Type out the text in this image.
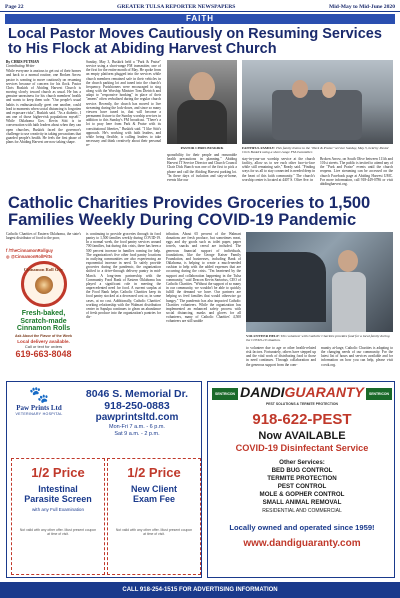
Page 22	GREATER TULSA REPORTER NEWSPAPERS	Mid-May to Mid-June 2020
FAITH
Local Pastor Moves Cautiously on Resuming Services to His Flock at Abiding Harvest Church
By CHRIS PUTMAN
Contributing Writer
While everyone is anxious to get out of their homes and back to a normal routine, one Broken Arrow pastor is wanting to move cautiously on resuming services because of concern for his flock. Pastor Chris Buskirk of Abiding Harvest Church is moving slowly toward church as usual. He has a genuine uneasiness for his church members' health and wants to keep them safe. "Our people's usual habits is enthusiastically greet one another, could lead to moments when social distancing is forgotten and exposure risks", Buskirk said. "As a diabetic, I am one of those higher-risk populations myself." While Oklahoma Gov. Kevin Stitt is in conversation with faith leaders about when they can open churches, Buskirk faced the governor's challenge to use creativity in taking precautions that guarded people's health. He feels the first phase of plans for Abiding Harvest are now taking shape.
Sunday, May 3, Buskirk held a "Park & Praise" service using a short-range FM transmitter, one of the first for the entire month of May. He spoke from an empty platform plugged into the services while church members remained safe in their vehicles in the church parking lot and tuned into the church's frequency. Parishioners were encouraged to sing along with the Worship Minister Tom Dietrich and adapt to "responsive honking" in place of their "amens" often verbalized during the regular church service. Recently, the church has moved to live streaming during the lock-down, and since so many viewers have tuned in, that will become a permanent fixture to the Sunday worship services in addition to this Sunday's FM broadcast. "There's a lot to pray here from Park & Praise with its constitutional liberties," Buskirk said. "I like Stitt's approach. He's working with faith leaders, and while being flexible, is calling leaders to take necessary and think creatively about their personal re-
PASTOR CHRIS BUSKIRK
sponsibility for their people and reasonable health precautions in planning." Abiding Harvest IT Service Director and Church Council Chair Dick Bunch was one of the first to pick a phone and call the Abiding Harvest parking lot. "In these days of isolation and stay-at-home, events like our
FAITHFUL FAMILY: This family listens to the "Park & Praise" service Sunday, May 3, held by Pastor Chris Buskirk using a short-range FM transmitter.
stay-in-your-car worship service at the church facility, allow us to see each other face-to-face while still remaining safe," Ready said. "Finding ways for us all to stay connected is needed deep in the heart of this faith community." The church's worship center is located at 4407 S. Olive Ave. in
Broken Arrow, on South Olive between 111th and 101st streets. The public is invited to attend any of the "Park and Praise" events until the church reopens. Live streaming can be accessed on the church Facebook page at Abiding Harvest UMC. For more information, call 918-449-0786 or visit abidingharvest.org.
Catholic Charities Provides Groceries to 1,500 Families Weekly During COVID-19 Pandemic
Catholic Charities of Eastern Oklahoma, the state's largest distributor of food to the poor,
f /TheCinnamonRollguy
◎ @CinnamonRollPitts
Cinnamon Roll Guy
Fresh-baked,
Scratch-made
Cinnamon Rolls
Ask About the Flavor of the Week
Local delivery available.
Call or text for orders
619-663-8048
is continuing to provide groceries through its food pantry to 1,500 families weekly during COVID-19. In a normal week, the food pantry services around 700 families, but during this crisis, there has been a 500 percent increase in families coming for help. The organization's five other food pantry locations in outlying communities are also experiencing an exponential increase in need. To safely provide groceries during the pandemic, the organization shifted to a drive-through delivery pantry in mid-March. A long-term partnership with the Community Food Bank of Eastern Oklahoma has played a significant role in meeting the unprecedented need for food. A current surplus at the Food Bank helps Catholic Charities keep its food pantry stocked at a decreased cost or, in some cases, at no cost. Additionally, Catholic Charities' working relationship with the Walmart distribution center in Sapulpa continues to glean an abundance of fresh produce into the organization's pantries for dis-
tribution. About 65 percent of the Walmart donations are fresh produce, but sometimes meat, eggs and dry goods such as toilet paper, paper towels, snacks and cereal are included. The generous financial support of individuals, foundations, like the George Kaiser Family Foundation, and businesses, including Bank of Oklahoma, is helping to create a much-needed cushion to help with the added expenses that are occurring during the crisis. "I'm heartened by the support and collaboration happening in the Tulsa community," said Deacon Kevin Sartorius, CEO of Catholic Charities. "Without the support of so many in our community, we wouldn't be able to quickly fulfill the demand we have. Our partners are helping us feed families that would otherwise go hungry." The pandemic has also impacted Catholic Charities volunteers. While the organization has implemented an enhanced safety process with social distancing, masks and gloves for all volunteers, many of Catholic Charities' 4,500 volunteers are still unable
VOLUNTEER HELP: This volunteer with Catholic Charities provides food for a local family during the COVID-19 situation.
to volunteer due to age or other health-related risk factors. Fortunately, others have stepped up and the vital work of distributing food to those in need continues. Through collaboration and the generous support from the com-
munity at-large, Catholic Charities is adapting to the changing needs of our community. For the latest list of hours and services available and for information on how you can help, please visit cceok.org.
🐾
Paw Prints Ltd
VETERINARY HOSPITAL
8046 S. Memorial Dr.
918-250-0883
pawprintsltd.com
Mon-Fri 7 a.m. - 6 p.m.
Sat 9 a.m. - 2 p.m.
1/2 Price
Intestinal
Parasite Screen
with any Full Examination
Not valid with any other offer. Must present coupon at time of visit.
1/2 Price
New Client
Exam Fee
Not valid with any other offer. Must present coupon at time of visit.
SENTRICON	SENTRICON
DANDIGUARANTY
PEST SOLUTIONS & TERMITE PROTECTION
918-622-PEST
Now AVAILABLE
COVID-19 Disinfectant Service
Other Services:
BED BUG CONTROL
TERMITE PROTECTION
PEST CONTROL
MOLE & GOPHER CONTROL
SMALL ANIMAL REMOVAL
RESIDENTIAL AND COMMERCIAL
Locally owned and operated since 1959!
www.dandiguaranty.com
CALL 918-254-1515 FOR ADVERTISING INFORMATION
